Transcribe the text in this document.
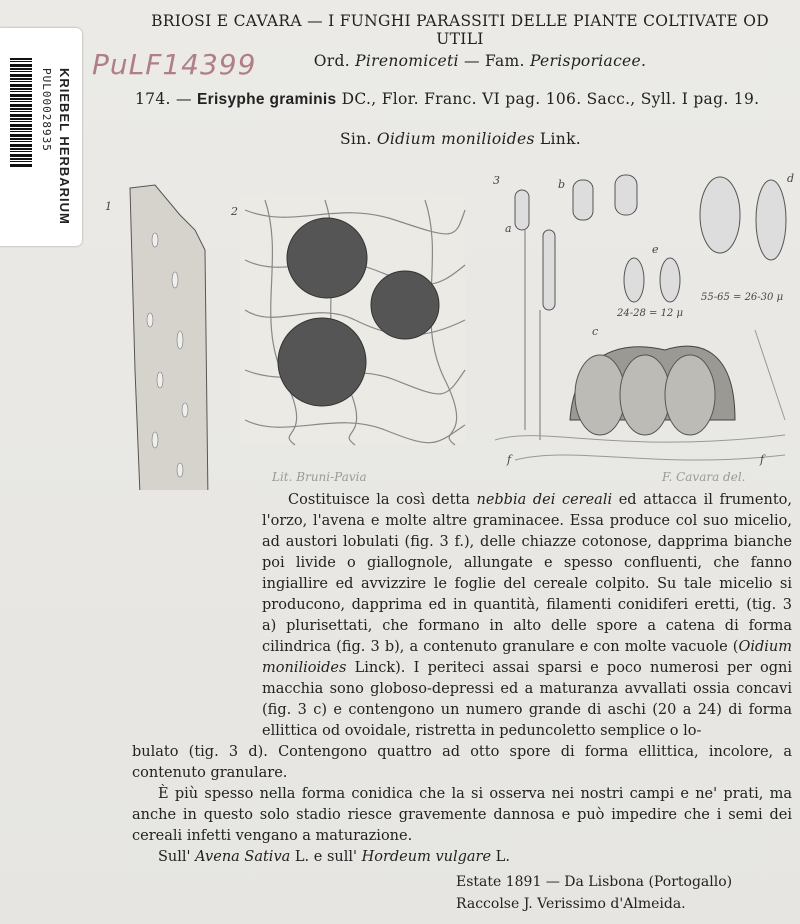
BRIOSI E CAVARA — I FUNGHI PARASSITI DELLE PIANTE COLTIVATE OD UTILI
Ord. Pirenomiceti — Fam. Perisporiacee.
174. — Erisyphe graminis DC., Flor. Franc. VI pag. 106. Sacc., Syll. I pag. 19.
Sin. Oidium monilioides Link.
KRIEBEL HERBARIUM
PUL00028935
PuLF14399
1	2
3
a
b
c
d
e
f	f
24-28 = 12 μ
55-65 = 26-30 μ
Lit. Bruni-Pavia	F. Cavara del.

Costituisce la così detta nebbia dei cereali ed attacca il frumento, l'orzo, l'avena e molte altre graminacee. Essa produce col suo micelio, ad austori lobulati (fig. 3 f.), delle chiazze cotonose, dapprima bianche poi livide o giallognole, allungate e spesso confluenti, che fanno ingiallire ed avvizzire le foglie del cereale colpito. Su tale micelio si producono, dapprima ed in quantità, filamenti conidiferi eretti, (tig. 3 a) plurisettati, che formano in alto delle spore a catena di forma cilindrica (fig. 3 b), a contenuto granulare e con molte vacuole (Oidium monilioides Linck). I periteci assai sparsi e poco numerosi per ogni macchia sono globoso-depressi ed a maturanza avvallati ossia concavi (fig. 3 c) e contengono un numero grande di aschi (20 a 24) di forma ellittica od ovoidale, ristretta in peduncoletto semplice o lo-

bulato (tig. 3 d). Contengono quattro ad otto spore di forma ellittica, incolore, a contenuto granulare.
È più spesso nella forma conidica che la si osserva nei nostri campi e ne' prati, ma anche in questo solo stadio riesce gravemente dannosa e può impedire che i semi dei cereali infetti vengano a maturazione.
Sull' Avena Sativa L. e sull' Hordeum vulgare L.
Estate 1891 — Da Lisbona (Portogallo)
Raccolse J. Verissimo d'Almeida.
